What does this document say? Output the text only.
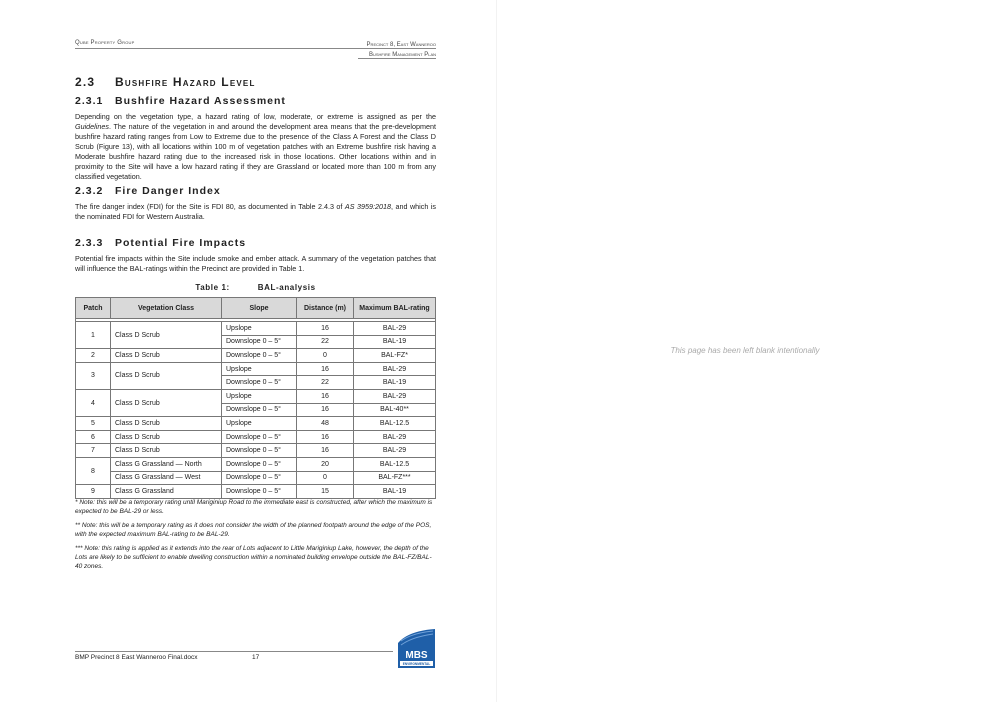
Qube Property Group	Precinct 8, East Wanneroo
Bushfire Management Plan
2.3 Bushfire Hazard Level
2.3.1 Bushfire Hazard Assessment
Depending on the vegetation type, a hazard rating of low, moderate, or extreme is assigned as per the Guidelines. The nature of the vegetation in and around the development area means that the pre-development bushfire hazard rating ranges from Low to Extreme due to the presence of the Class A Forest and the Class D Scrub (Figure 13), with all locations within 100 m of vegetation patches with an Extreme bushfire risk having a Moderate bushfire hazard rating due to the increased risk in those locations. Other locations within and in proximity to the Site will have a low hazard rating if they are Grassland or located more than 100 m from any classified vegetation.
2.3.2 Fire Danger Index
The fire danger index (FDI) for the Site is FDI 80, as documented in Table 2.4.3 of AS 3959:2018, and which is the nominated FDI for Western Australia.
2.3.3 Potential Fire Impacts
Potential fire impacts within the Site include smoke and ember attack. A summary of the vegetation patches that will influence the BAL-ratings within the Precinct are provided in Table 1.
Table 1:	BAL-analysis
Patch	Vegetation Class	Slope	Distance (m)	Maximum BAL-rating

1	Class D Scrub	Upslope	16	BAL-29
		Downslope 0 – 5°	22	BAL-19
2	Class D Scrub	Downslope 0 – 5°	0	BAL-FZ*
3	Class D Scrub	Upslope	16	BAL-29
		Downslope 0 – 5°	22	BAL-19
4	Class D Scrub	Upslope	16	BAL-29
		Downslope 0 – 5°	16	BAL-40**
5	Class D Scrub	Upslope	48	BAL-12.5
6	Class D Scrub	Downslope 0 – 5°	16	BAL-29
7	Class D Scrub	Downslope 0 – 5°	16	BAL-29
8	Class G Grassland — North	Downslope 0 – 5°	20	BAL-12.5
	Class G Grassland — West	Downslope 0 – 5°	0	BAL-FZ***
9	Class G Grassland	Downslope 0 – 5°	15	BAL-19
* Note: this will be a temporary rating until Mariginiup Road to the immediate east is constructed, after which the maximum is expected to be BAL-29 or less.
** Note: this will be a temporary rating as it does not consider the width of the planned footpath around the edge of the POS, with the expected maximum BAL-rating to be BAL-29.
*** Note: this rating is applied as it extends into the rear of Lots adjacent to Little Mariginiup Lake, however, the depth of the Lots are likely to be sufficient to enable dwelling construction within a nominated building envelope outside the BAL-FZ/BAL-40 zones.
BMP Precinct 8 East Wanneroo Final.docx	17	MBS
ENVIRONMENTAL
This page has been left blank intentionally
